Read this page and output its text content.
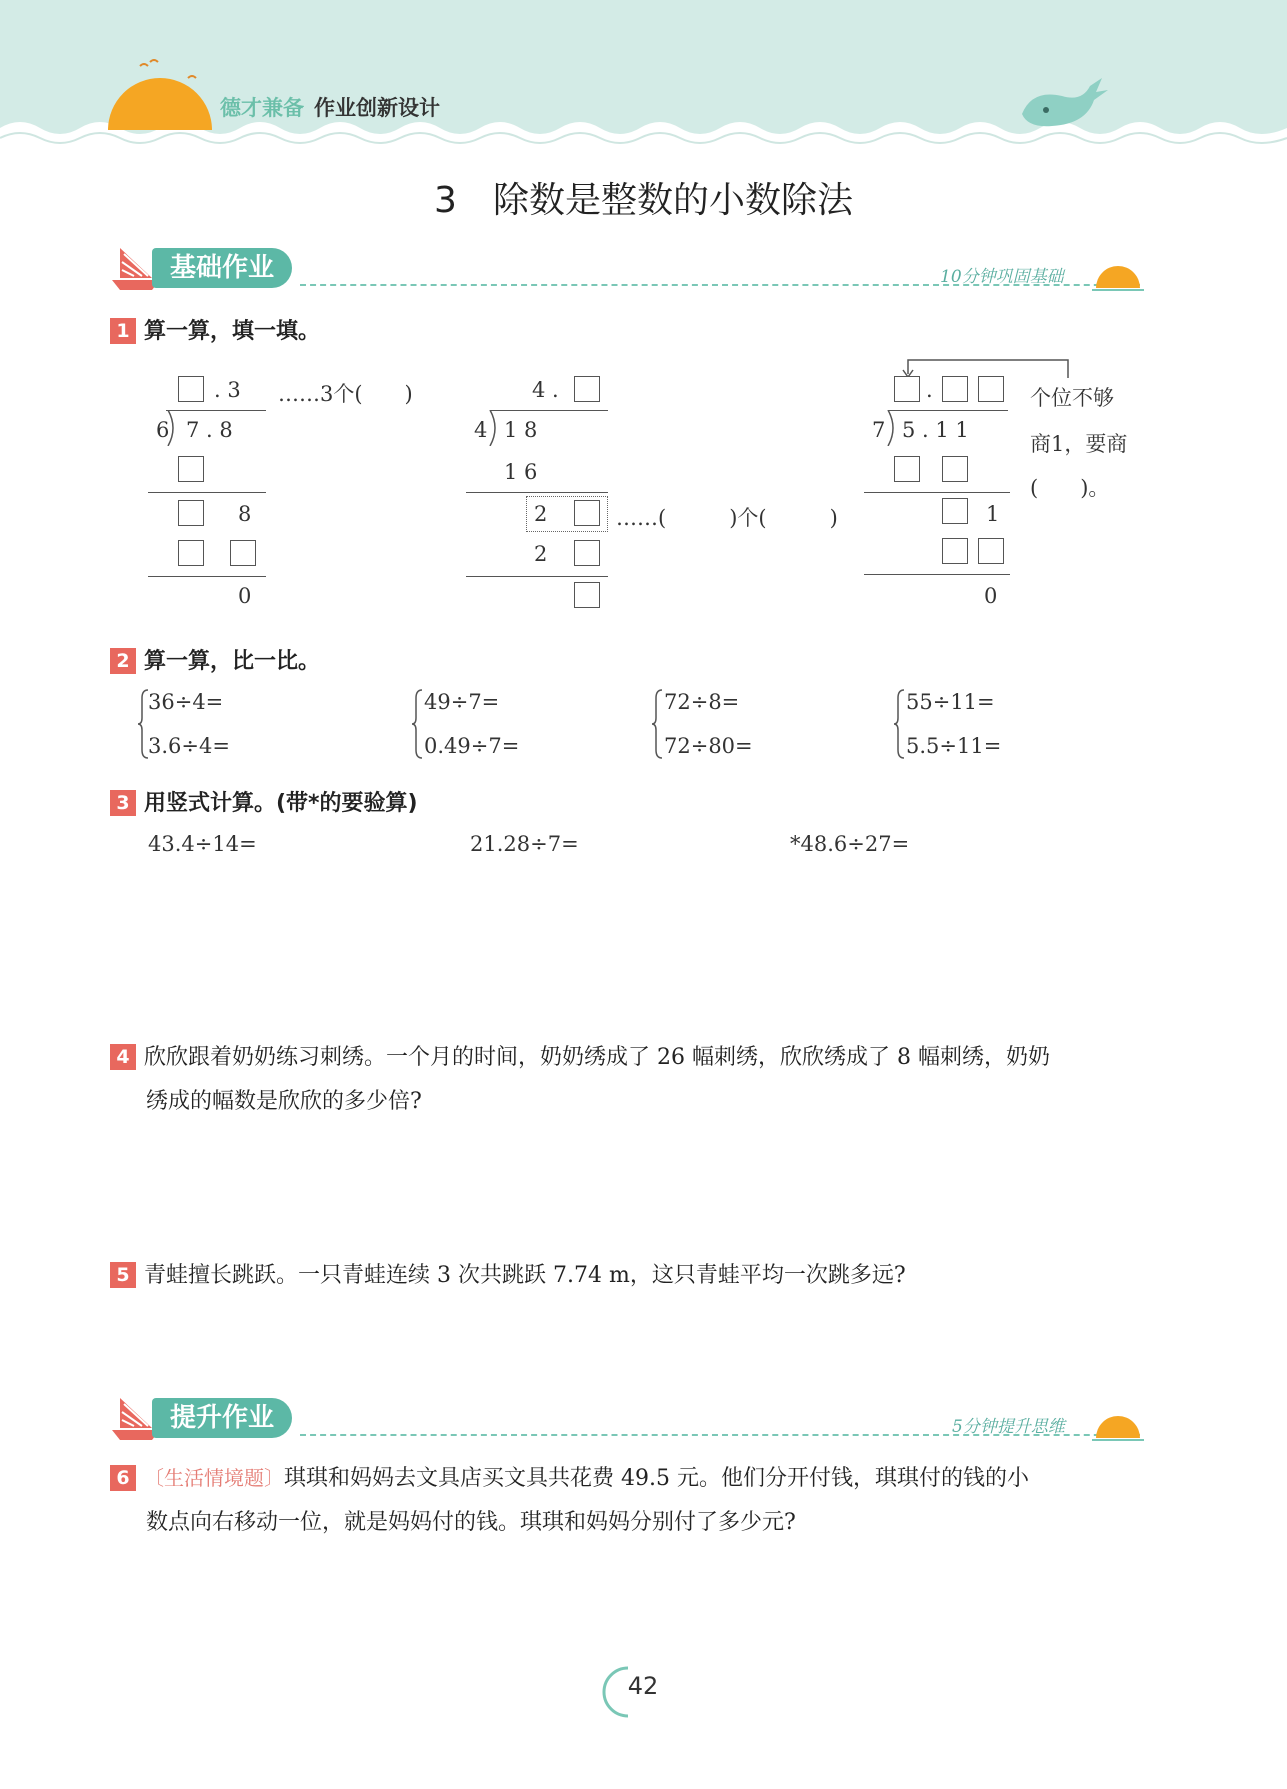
德才兼备 作业创新设计
3 除数是整数的小数除法
基础作业	10分钟巩固基础
1 算一算，填一填。
. 3 ……3个(　　)
6 7 . 8
8
0
4 .
4 1 8
1 6
2	……(　　　)个(　　　)
2
.
7 5 . 1 1
1
0
个位不够
商1，要商
(　　)。
2 算一算，比一比。
36÷4=
3.6÷4=
49÷7=
0.49÷7=
72÷8=
72÷80=
55÷11=
5.5÷11=
3 用竖式计算。(带*的要验算)
43.4÷14=	21.28÷7=	*48.6÷27=
4 欣欣跟着奶奶练习刺绣。一个月的时间，奶奶绣成了 26 幅刺绣，欣欣绣成了 8 幅刺绣，奶奶
绣成的幅数是欣欣的多少倍?
5 青蛙擅长跳跃。一只青蛙连续 3 次共跳跃 7.74 m，这只青蛙平均一次跳多远?
提升作业	5分钟提升思维
6 〔生活情境题〕琪琪和妈妈去文具店买文具共花费 49.5 元。他们分开付钱，琪琪付的钱的小
数点向右移动一位，就是妈妈付的钱。琪琪和妈妈分别付了多少元?
42
